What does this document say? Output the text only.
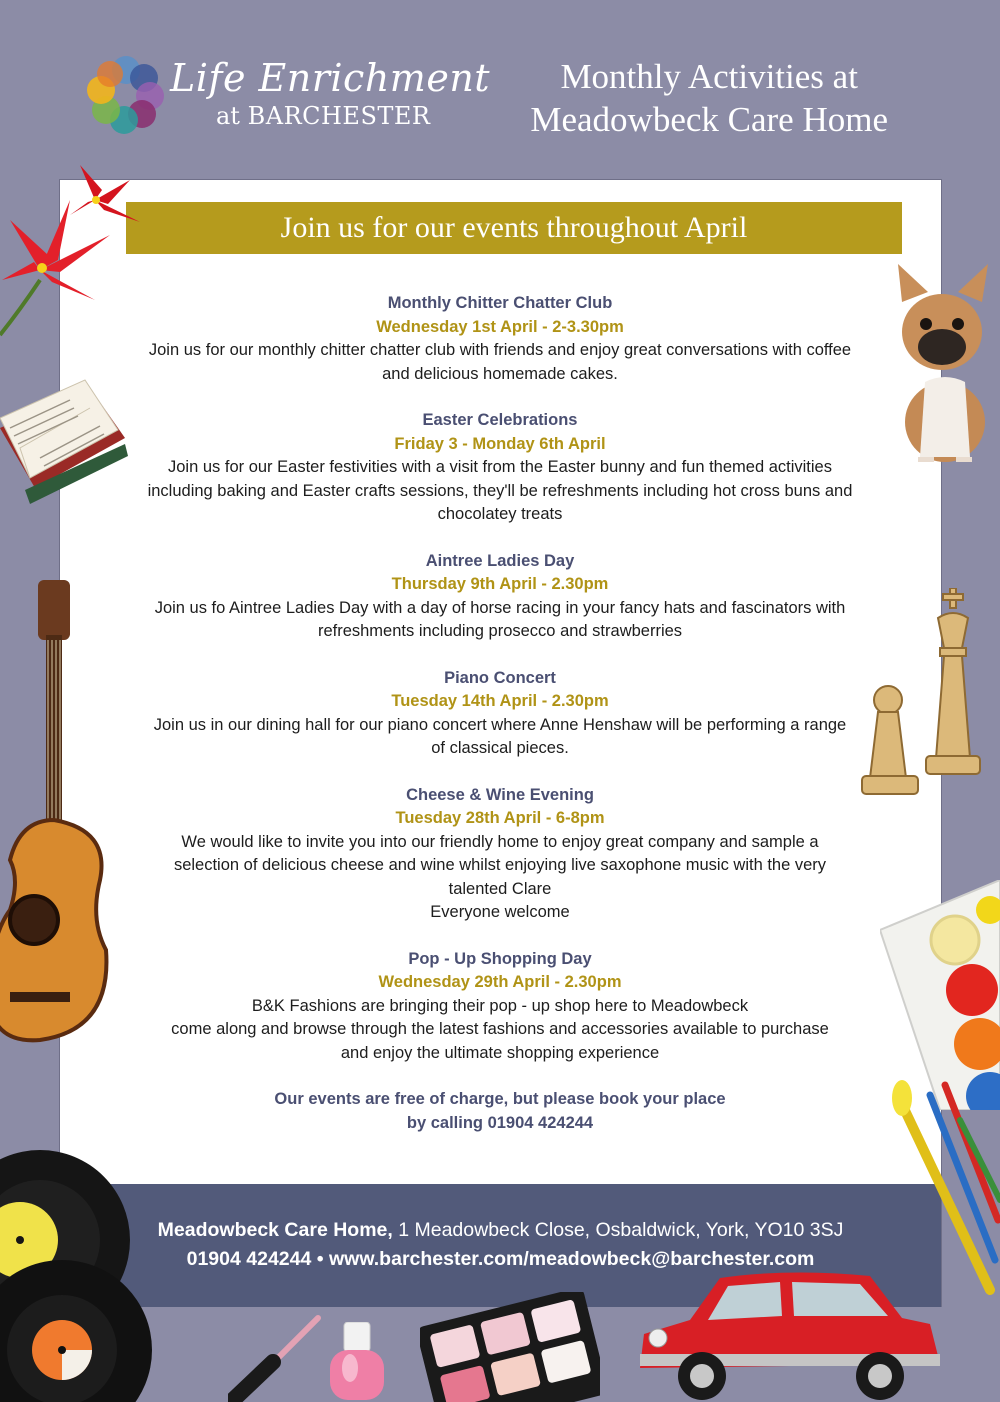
Life Enrichment
at BARCHESTER
Monthly Activities at
Meadowbeck Care Home
Join us for our events throughout April
Monthly Chitter Chatter Club
Wednesday 1st April - 2-3.30pm
Join us for our monthly chitter chatter club with friends and enjoy great conversations with coffee
and delicious homemade cakes.
Easter Celebrations
Friday 3 - Monday 6th April
Join us for our Easter festivities with a visit from the Easter bunny and fun themed activities
including baking and Easter crafts sessions, they'll be refreshments including hot cross buns and
chocolatey treats
Aintree Ladies Day
Thursday 9th April - 2.30pm
Join us fo Aintree Ladies Day with a day of horse racing in your fancy hats and fascinators with
refreshments including prosecco and strawberries
Piano Concert
Tuesday 14th April - 2.30pm
Join us in our dining hall for our piano concert where Anne Henshaw will be performing a range
of classical pieces.
Cheese & Wine Evening
Tuesday 28th April - 6-8pm
We would like to invite you into our friendly home to enjoy great company and sample a
selection of delicious cheese and wine whilst enjoying live saxophone music with the very
talented Clare
Everyone welcome
Pop - Up Shopping Day
Wednesday 29th April - 2.30pm
B&K Fashions are bringing their pop - up shop here to Meadowbeck
come along and browse through the latest fashions and accessories available to purchase
and enjoy the ultimate shopping experience
Our events are free of charge, but please book your place
by calling 01904 424244
Meadowbeck Care Home, 1 Meadowbeck Close, Osbaldwick, York, YO10 3SJ
01904 424244 • www.barchester.com/meadowbeck@barchester.com
